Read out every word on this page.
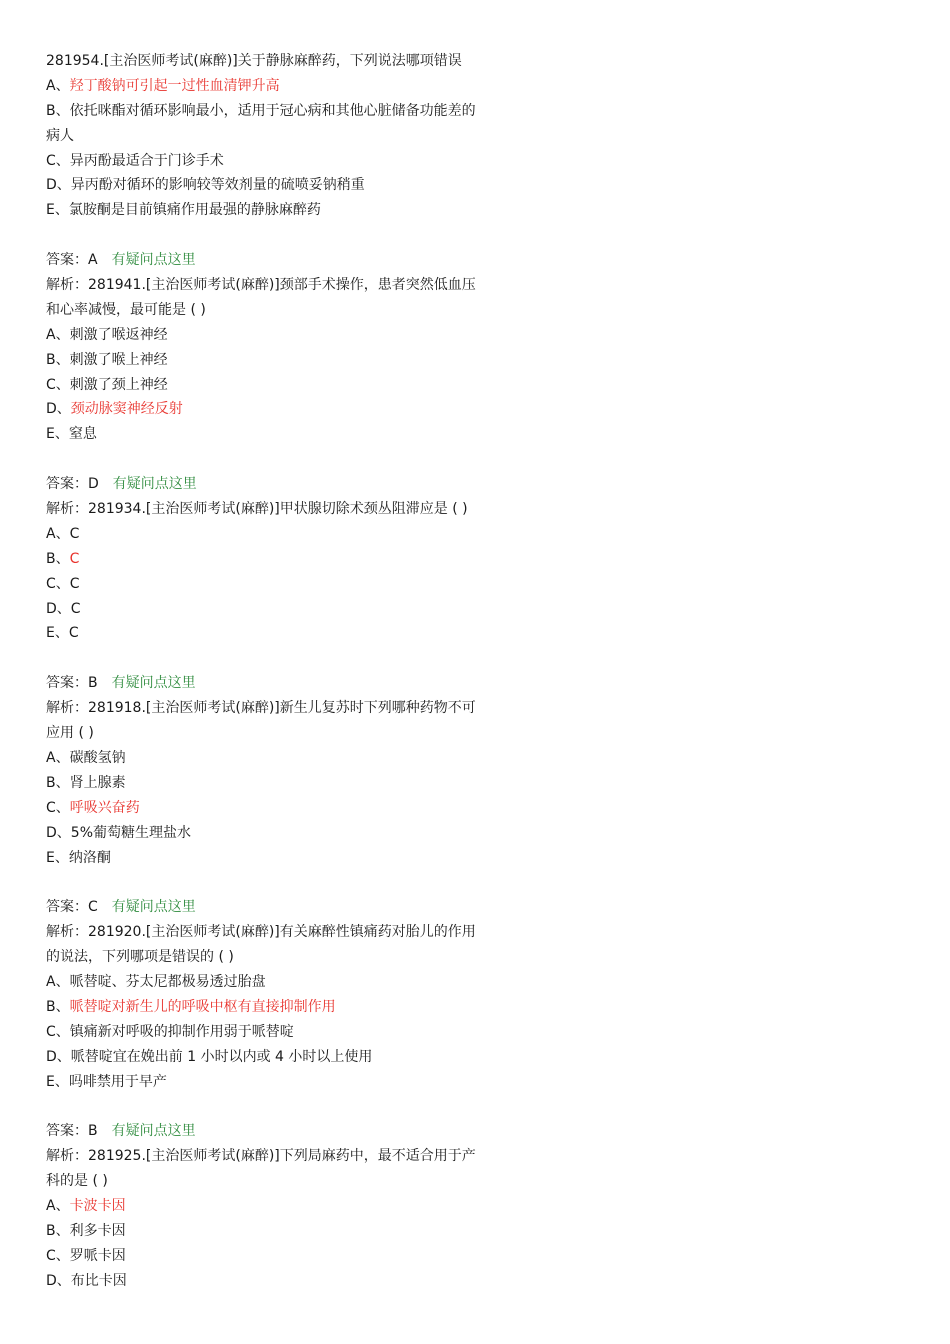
281954.[主治医师考试(麻醉)]关于静脉麻醉药，下列说法哪项错误
A、羟丁酸钠可引起一过性血清钾升高
B、依托咪酯对循环影响最小，适用于冠心病和其他心脏储备功能差的
病人
C、异丙酚最适合于门诊手术
D、异丙酚对循环的影响较等效剂量的硫喷妥钠稍重
E、氯胺酮是目前镇痛作用最强的静脉麻醉药
答案：A 有疑问点这里
解析：281941.[主治医师考试(麻醉)]颈部手术操作，患者突然低血压
和心率减慢，最可能是 ( )
A、刺激了喉返神经
B、刺激了喉上神经
C、刺激了颈上神经
D、颈动脉窦神经反射
E、窒息
答案：D 有疑问点这里
解析：281934.[主治医师考试(麻醉)]甲状腺切除术颈丛阻滞应是 ( )
A、C
B、C
C、C
D、C
E、C
答案：B 有疑问点这里
解析：281918.[主治医师考试(麻醉)]新生儿复苏时下列哪种药物不可
应用 ( )
A、碳酸氢钠
B、肾上腺素
C、呼吸兴奋药
D、5%葡萄糖生理盐水
E、纳洛酮
答案：C 有疑问点这里
解析：281920.[主治医师考试(麻醉)]有关麻醉性镇痛药对胎儿的作用
的说法，下列哪项是错误的 ( )
A、哌替啶、芬太尼都极易透过胎盘
B、哌替啶对新生儿的呼吸中枢有直接抑制作用
C、镇痛新对呼吸的抑制作用弱于哌替啶
D、哌替啶宜在娩出前 1 小时以内或 4 小时以上使用
E、吗啡禁用于早产
答案：B 有疑问点这里
解析：281925.[主治医师考试(麻醉)]下列局麻药中，最不适合用于产
科的是 ( )
A、卡波卡因
B、利多卡因
C、罗哌卡因
D、布比卡因
